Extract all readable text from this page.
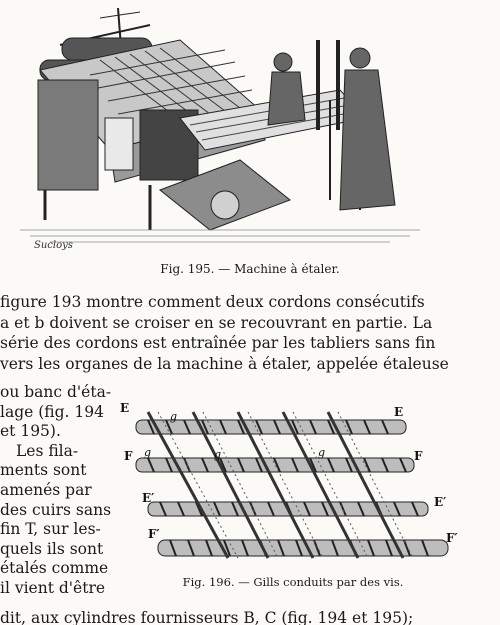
Sucloys
Fig. 195. — Machine à étaler.
figure 193 montre comment deux cordons consécutifs
a et b doivent se croiser en se recouvrant en partie. La
série des cordons est entraînée par les tabliers sans fin
vers les organes de la machine à étaler, appelée étaleuse
ou banc d'éta-
lage (fig. 194
et 195).
Les fila-
ments sont
amenés par
des cuirs sans
fin T, sur les-
quels ils sont
étalés comme
il vient d'être
E	E
F	F
E′	E′
F′	F′
g	g	g
g
Fig. 196. — Gills conduits par des vis.
dit, aux cylindres fournisseurs B, C (fig. 194 et 195);
